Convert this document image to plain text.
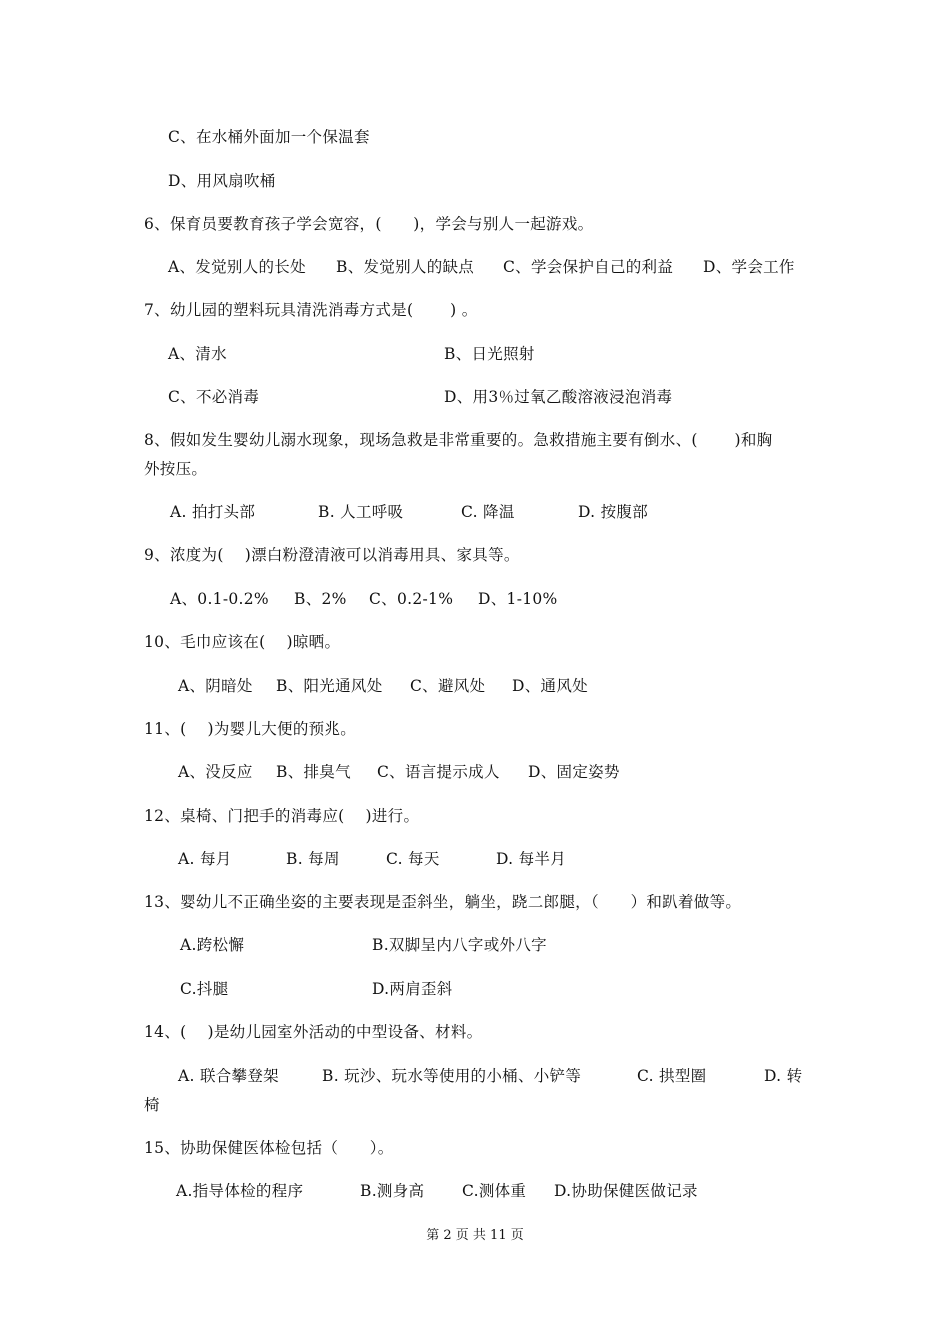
C、在水桶外面加一个保温套
D、用风扇吹桶
6、保育员要教育孩子学会宽容，(　　)，学会与别人一起游戏。
A、发觉别人的长处 B、发觉别人的缺点 C、学会保护自己的利益 D、学会工作
7、幼儿园的塑料玩具清洗消毒方式是(　　 ) 。
A、清水	B、日光照射
C、不必消毒	D、用3％过氧乙酸溶液浸泡消毒
8、假如发生婴幼儿溺水现象，现场急救是非常重要的。急救措施主要有倒水、(　　 )和胸
外按压。
A. 拍打头部	B. 人工呼吸	C. 降温	D. 按腹部
9、浓度为(　 )漂白粉澄清液可以消毒用具、家具等。
A、0.1-0.2% B、2% C、0.2-1% D、1-10%
10、毛巾应该在(　 )晾晒。
A、阴暗处 B、阳光通风处 C、避风处 D、通风处
11、(　 )为婴儿大便的预兆。
A、没反应 B、排臭气 C、语言提示成人 D、固定姿势
12、桌椅、门把手的消毒应(　 )进行。
A. 每月	B. 每周	C. 每天	D. 每半月
13、婴幼儿不正确坐姿的主要表现是歪斜坐，躺坐，跷二郎腿，（　　）和趴着做等。
A.跨松懈	B.双脚呈内八字或外八字
C.抖腿	D.两肩歪斜
14、(　 )是幼儿园室外活动的中型设备、材料。
A. 联合攀登架	B. 玩沙、玩水等使用的小桶、小铲等	C. 拱型圈	D. 转
椅
15、协助保健医体检包括（　　）。
A.指导体检的程序	B.测身高 C.测体重 D.协助保健医做记录
第 2 页 共 11 页
